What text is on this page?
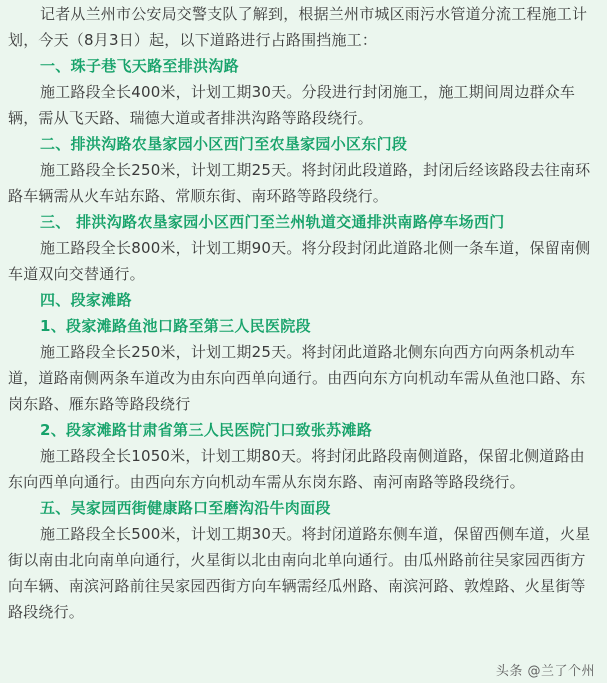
记者从兰州市公安局交警支队了解到，根据兰州市城区雨污水管道分流工程施工计
划，今天（8月3日）起，以下道路进行占路围挡施工：
一、珠子巷飞天路至排洪沟路
施工路段全长400米，计划工期30天。分段进行封闭施工，施工期间周边群众车
辆，需从飞天路、瑞德大道或者排洪沟路等路段绕行。
二、排洪沟路农垦家园小区西门至农垦家园小区东门段
施工路段全长250米，计划工期25天。将封闭此段道路，封闭后经该路段去往南环
路车辆需从火车站东路、常顺东街、南环路等路段绕行。
三、 排洪沟路农垦家园小区西门至兰州轨道交通排洪南路停车场西门
施工路段全长800米，计划工期90天。将分段封闭此道路北侧一条车道，保留南侧
车道双向交替通行。
四、段家滩路
1、段家滩路鱼池口路至第三人民医院段
施工路段全长250米，计划工期25天。将封闭此道路北侧东向西方向两条机动车
道，道路南侧两条车道改为由东向西单向通行。由西向东方向机动车需从鱼池口路、东
岗东路、雁东路等路段绕行
2、段家滩路甘肃省第三人民医院门口致张苏滩路
施工路段全长1050米，计划工期80天。将封闭此路段南侧道路，保留北侧道路由
东向西单向通行。由西向东方向机动车需从东岗东路、南河南路等路段绕行。
五、吴家园西街健康路口至磨沟沿牛肉面段
施工路段全长500米，计划工期30天。将封闭道路东侧车道，保留西侧车道，火星
街以南由北向南单向通行，火星街以北由南向北单向通行。由瓜州路前往吴家园西街方
向车辆、南滨河路前往吴家园西街方向车辆需经瓜州路、南滨河路、敦煌路、火星街等
路段绕行。
头条 @兰了个州
